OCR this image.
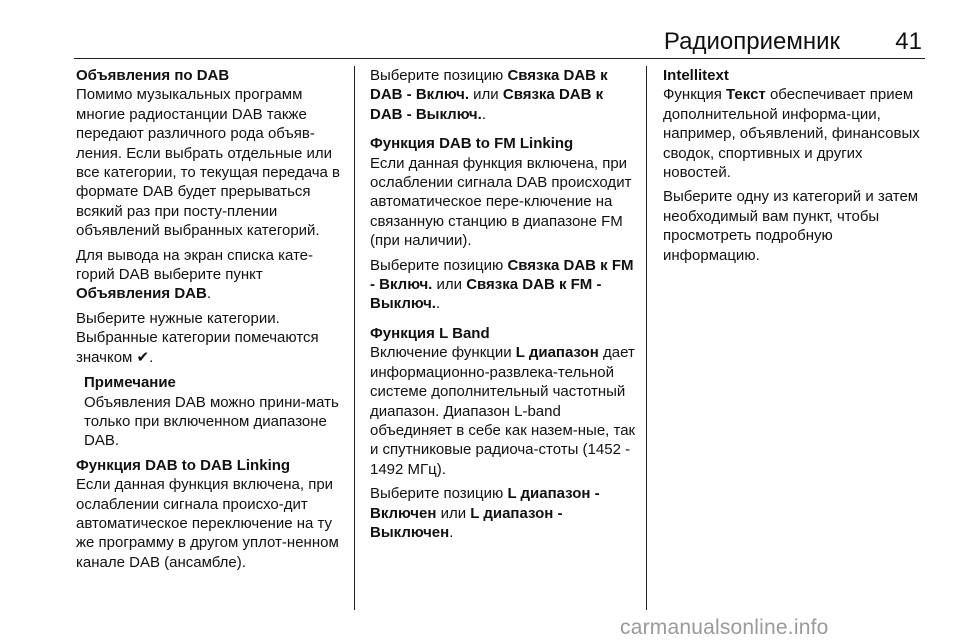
Радиоприемник 41

Объявления по DAB

Помимо музыкальных программ многие радиостанции DAB также передают различного рода объяв-ления. Если выбрать отдельные или все категории, то текущая передача в формате DAB будет прерываться всякий раз при посту-плении объявлений выбранных категорий.

Для вывода на экран списка кате-горий DAB выберите пункт Объявления DAB.

Выберите нужные категории. Выбранные категории помечаются значком ✔.

Примечание

Объявления DAB можно прини-мать только при включенном диапазоне DAB.

Функция DAB to DAB Linking

Если данная функция включена, при ослаблении сигнала происхо-дит автоматическое переключение на ту же программу в другом уплот-ненном канале DAB (ансамбле).

Выберите позицию Связка DAB к DAB - Включ. или Связка DAB к DAB - Выключ..

Функция DAB to FM Linking

Если данная функция включена, при ослаблении сигнала DAB происходит автоматическое пере-ключение на связанную станцию в диапазоне FM (при наличии).

Выберите позицию Связка DAB к FM - Включ. или Связка DAB к FM - Выключ..

Функция L Band

Включение функции L диапазон дает информационно-развлека-тельной системе дополнительный частотный диапазон. Диапазон L-band объединяет в себе как назем-ные, так и спутниковые радиоча-стоты (1452 - 1492 МГц).

Выберите позицию L диапазон - Включен или L диапазон - Выключен.

Intellitext

Функция Текст обеспечивает прием дополнительной информа-ции, например, объявлений, финансовых сводок, спортивных и других новостей.

Выберите одну из категорий и затем необходимый вам пункт, чтобы просмотреть подробную информацию.

carmanualsonline.info
